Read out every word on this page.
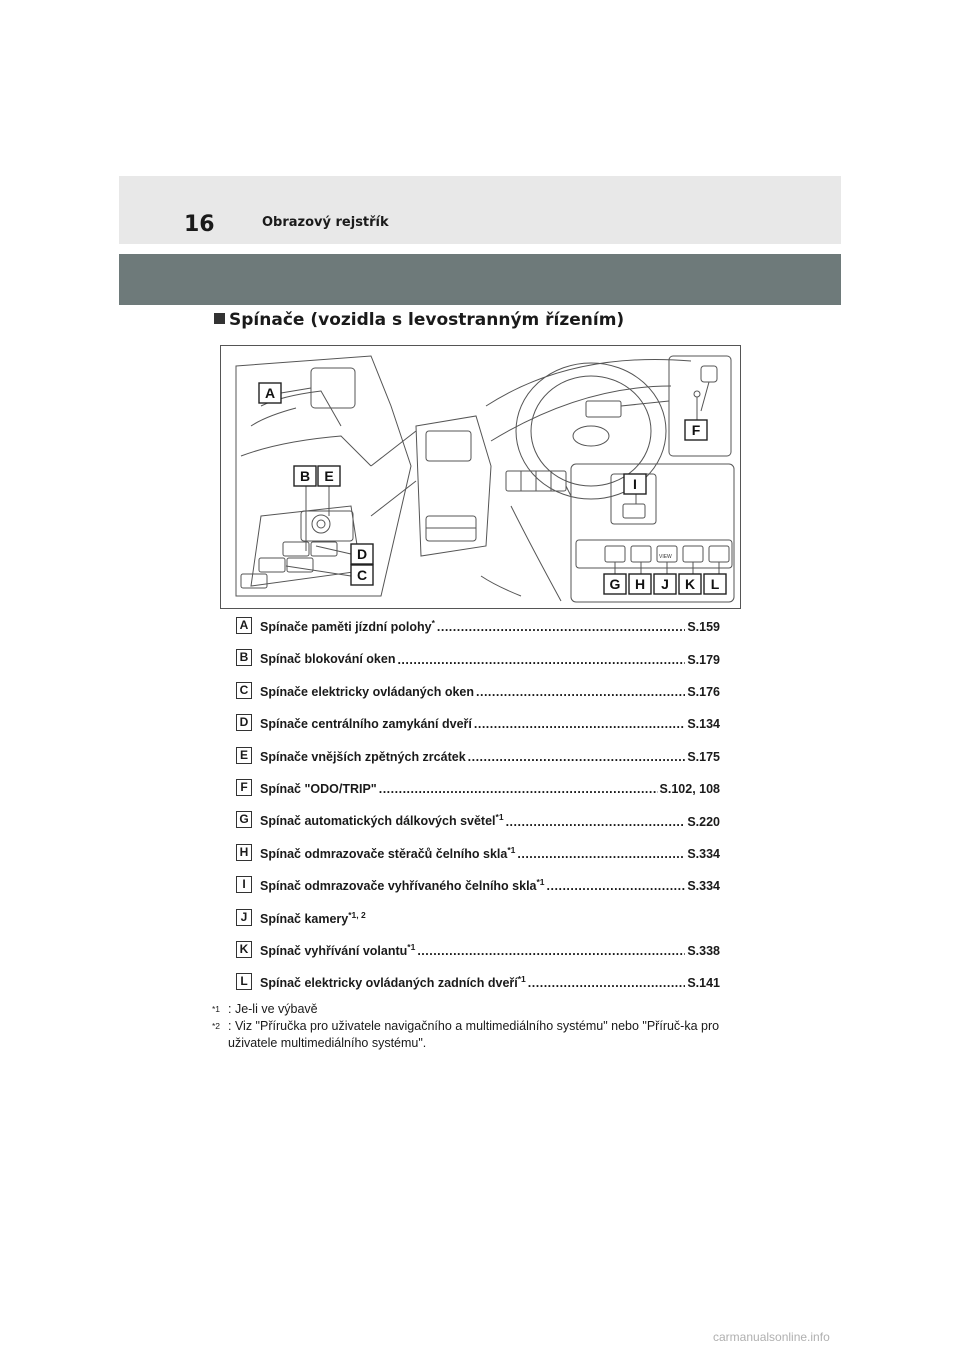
16	Obrazový rejstřík
Spínače (vozidla s levostranným řízením)
VIEW
A
B
C
D
E
F
G H
I
J K L
A Spínače paměti jízdní polohy* .....	S.159
B Spínač blokování oken .....	S.179
C Spínače elektricky ovládaných oken .....	S.176
D Spínače centrálního zamykání dveří .....	S.134
E Spínače vnějších zpětných zrcátek .....	S.175
F Spínač "ODO/TRIP" .....	S.102, 108
G Spínač automatických dálkových světel$^{*1}$ .....	S.220
H Spínač odmrazovače stěračů čelního skla$^{*1}$ .....	S.334
I	Spínač odmrazovače vyhřívaného čelního skla$^{*1}$ .....	S.334
J	Spínač kamery$^{*1, 2}$
K Spínač vyhřívání volantu$^{*1}$ .....	S.338
L Spínač elektricky ovládaných zadních dveří$^{*1}$ .....	S.141
$^{*1}$ : Je-li ve výbavě
$^{*2}$ : Viz "Příručka pro uživatele navigačního a multimediálního systému" nebo "Příruč-ka pro uživatele multimediálního systému".
carmanualsonline.info
